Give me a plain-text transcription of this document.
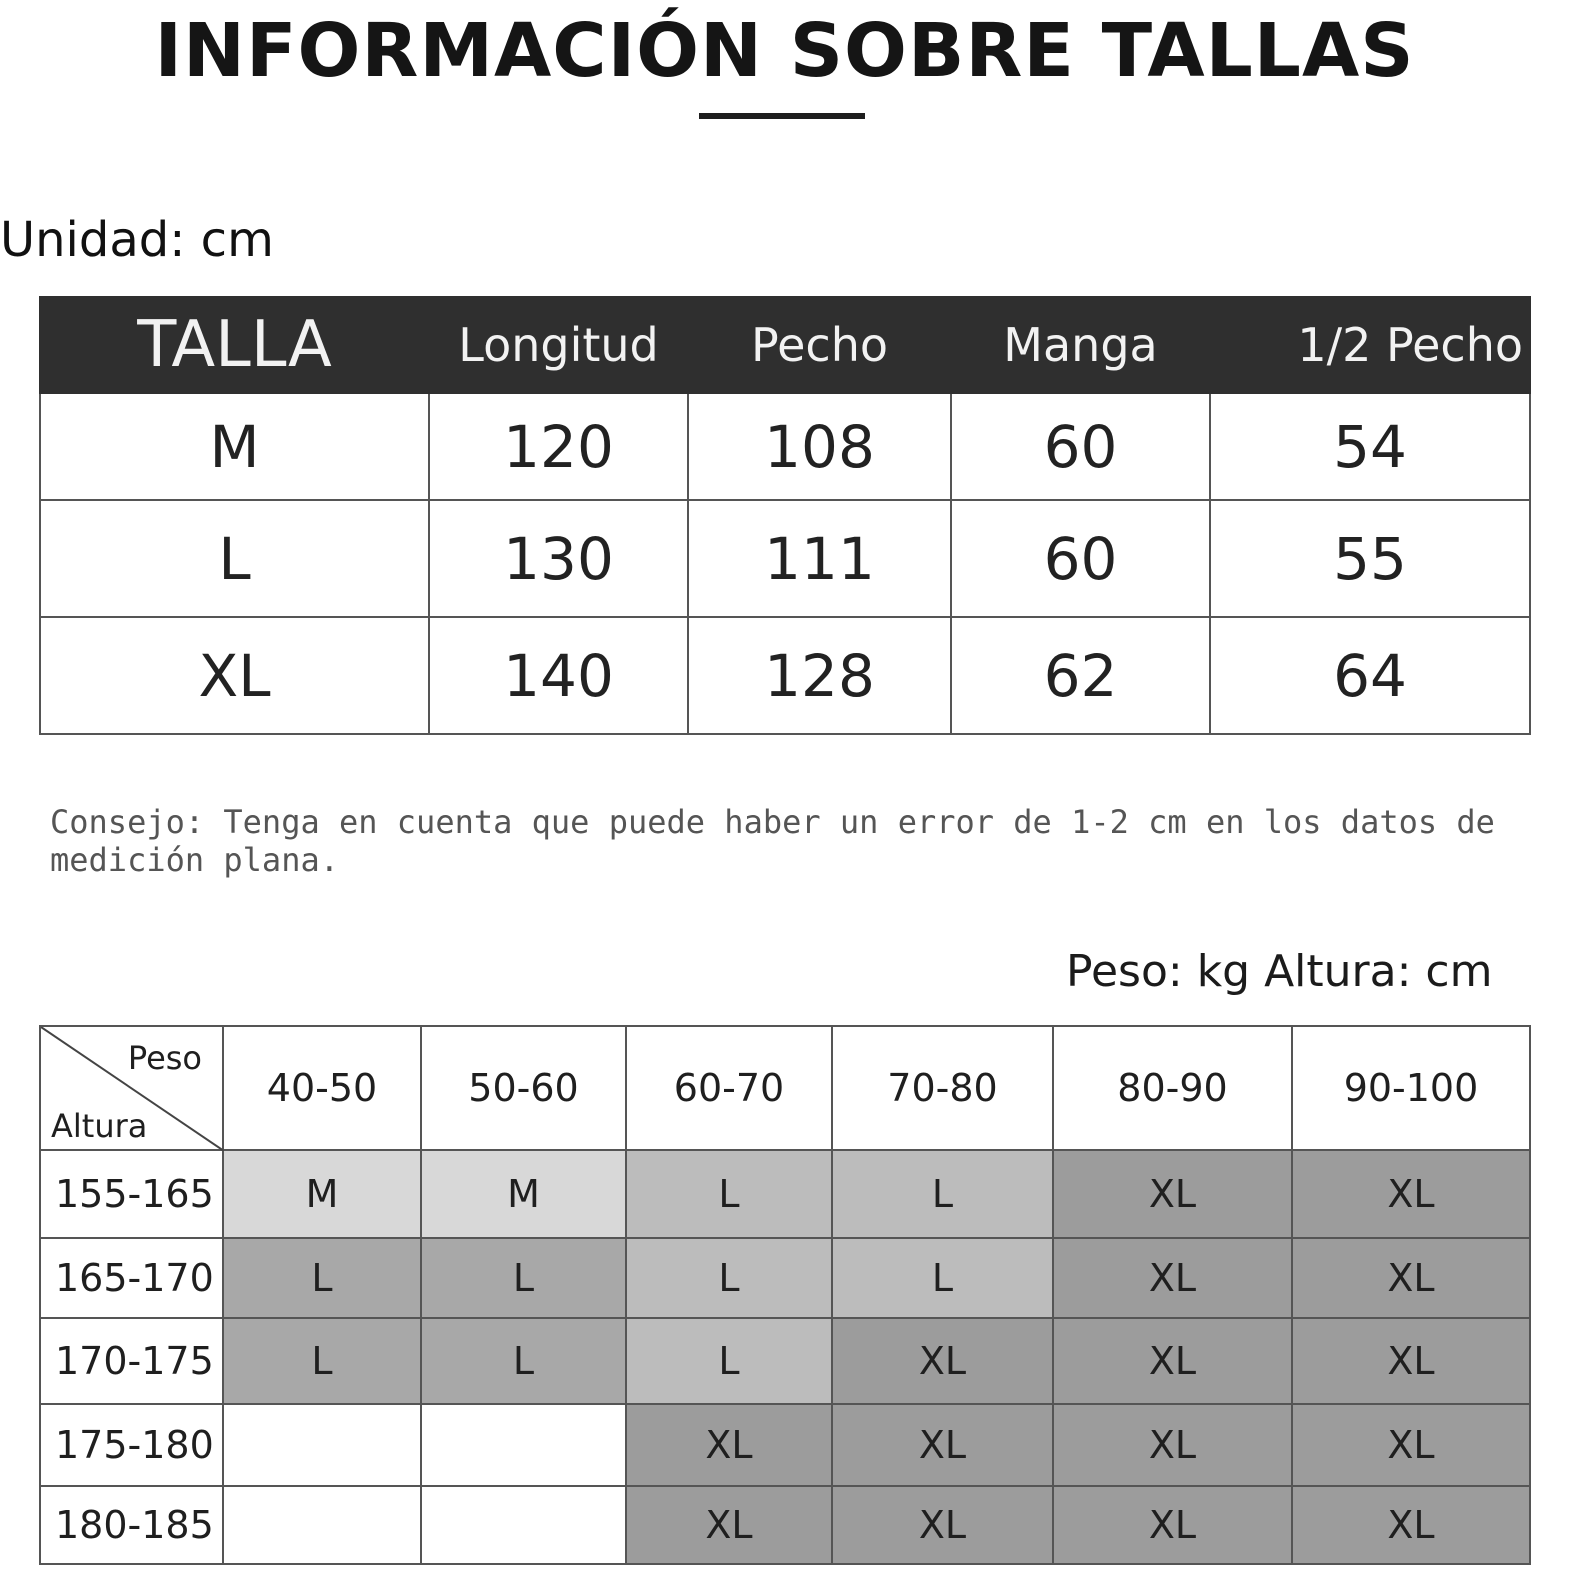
INFORMACIÓN SOBRE TALLAS
Unidad: cm
TALLA	Longitud	Pecho	Manga	1/2 Pecho
M	120	108	60	54
L	130	111	60	55
XL	140	128	62	64
Consejo: Tenga en cuenta que puede haber un error de 1-2 cm en los datos de medición plana.
Peso: kg Altura: cm
Peso
Altura	40-50	50-60	60-70	70-80	80-90	90-100
155-165	M	M	L	L	XL	XL
165-170	L	L	L	L	XL	XL
170-175	L	L	L	XL	XL	XL
175-180			XL	XL	XL	XL
180-185			XL	XL	XL	XL
